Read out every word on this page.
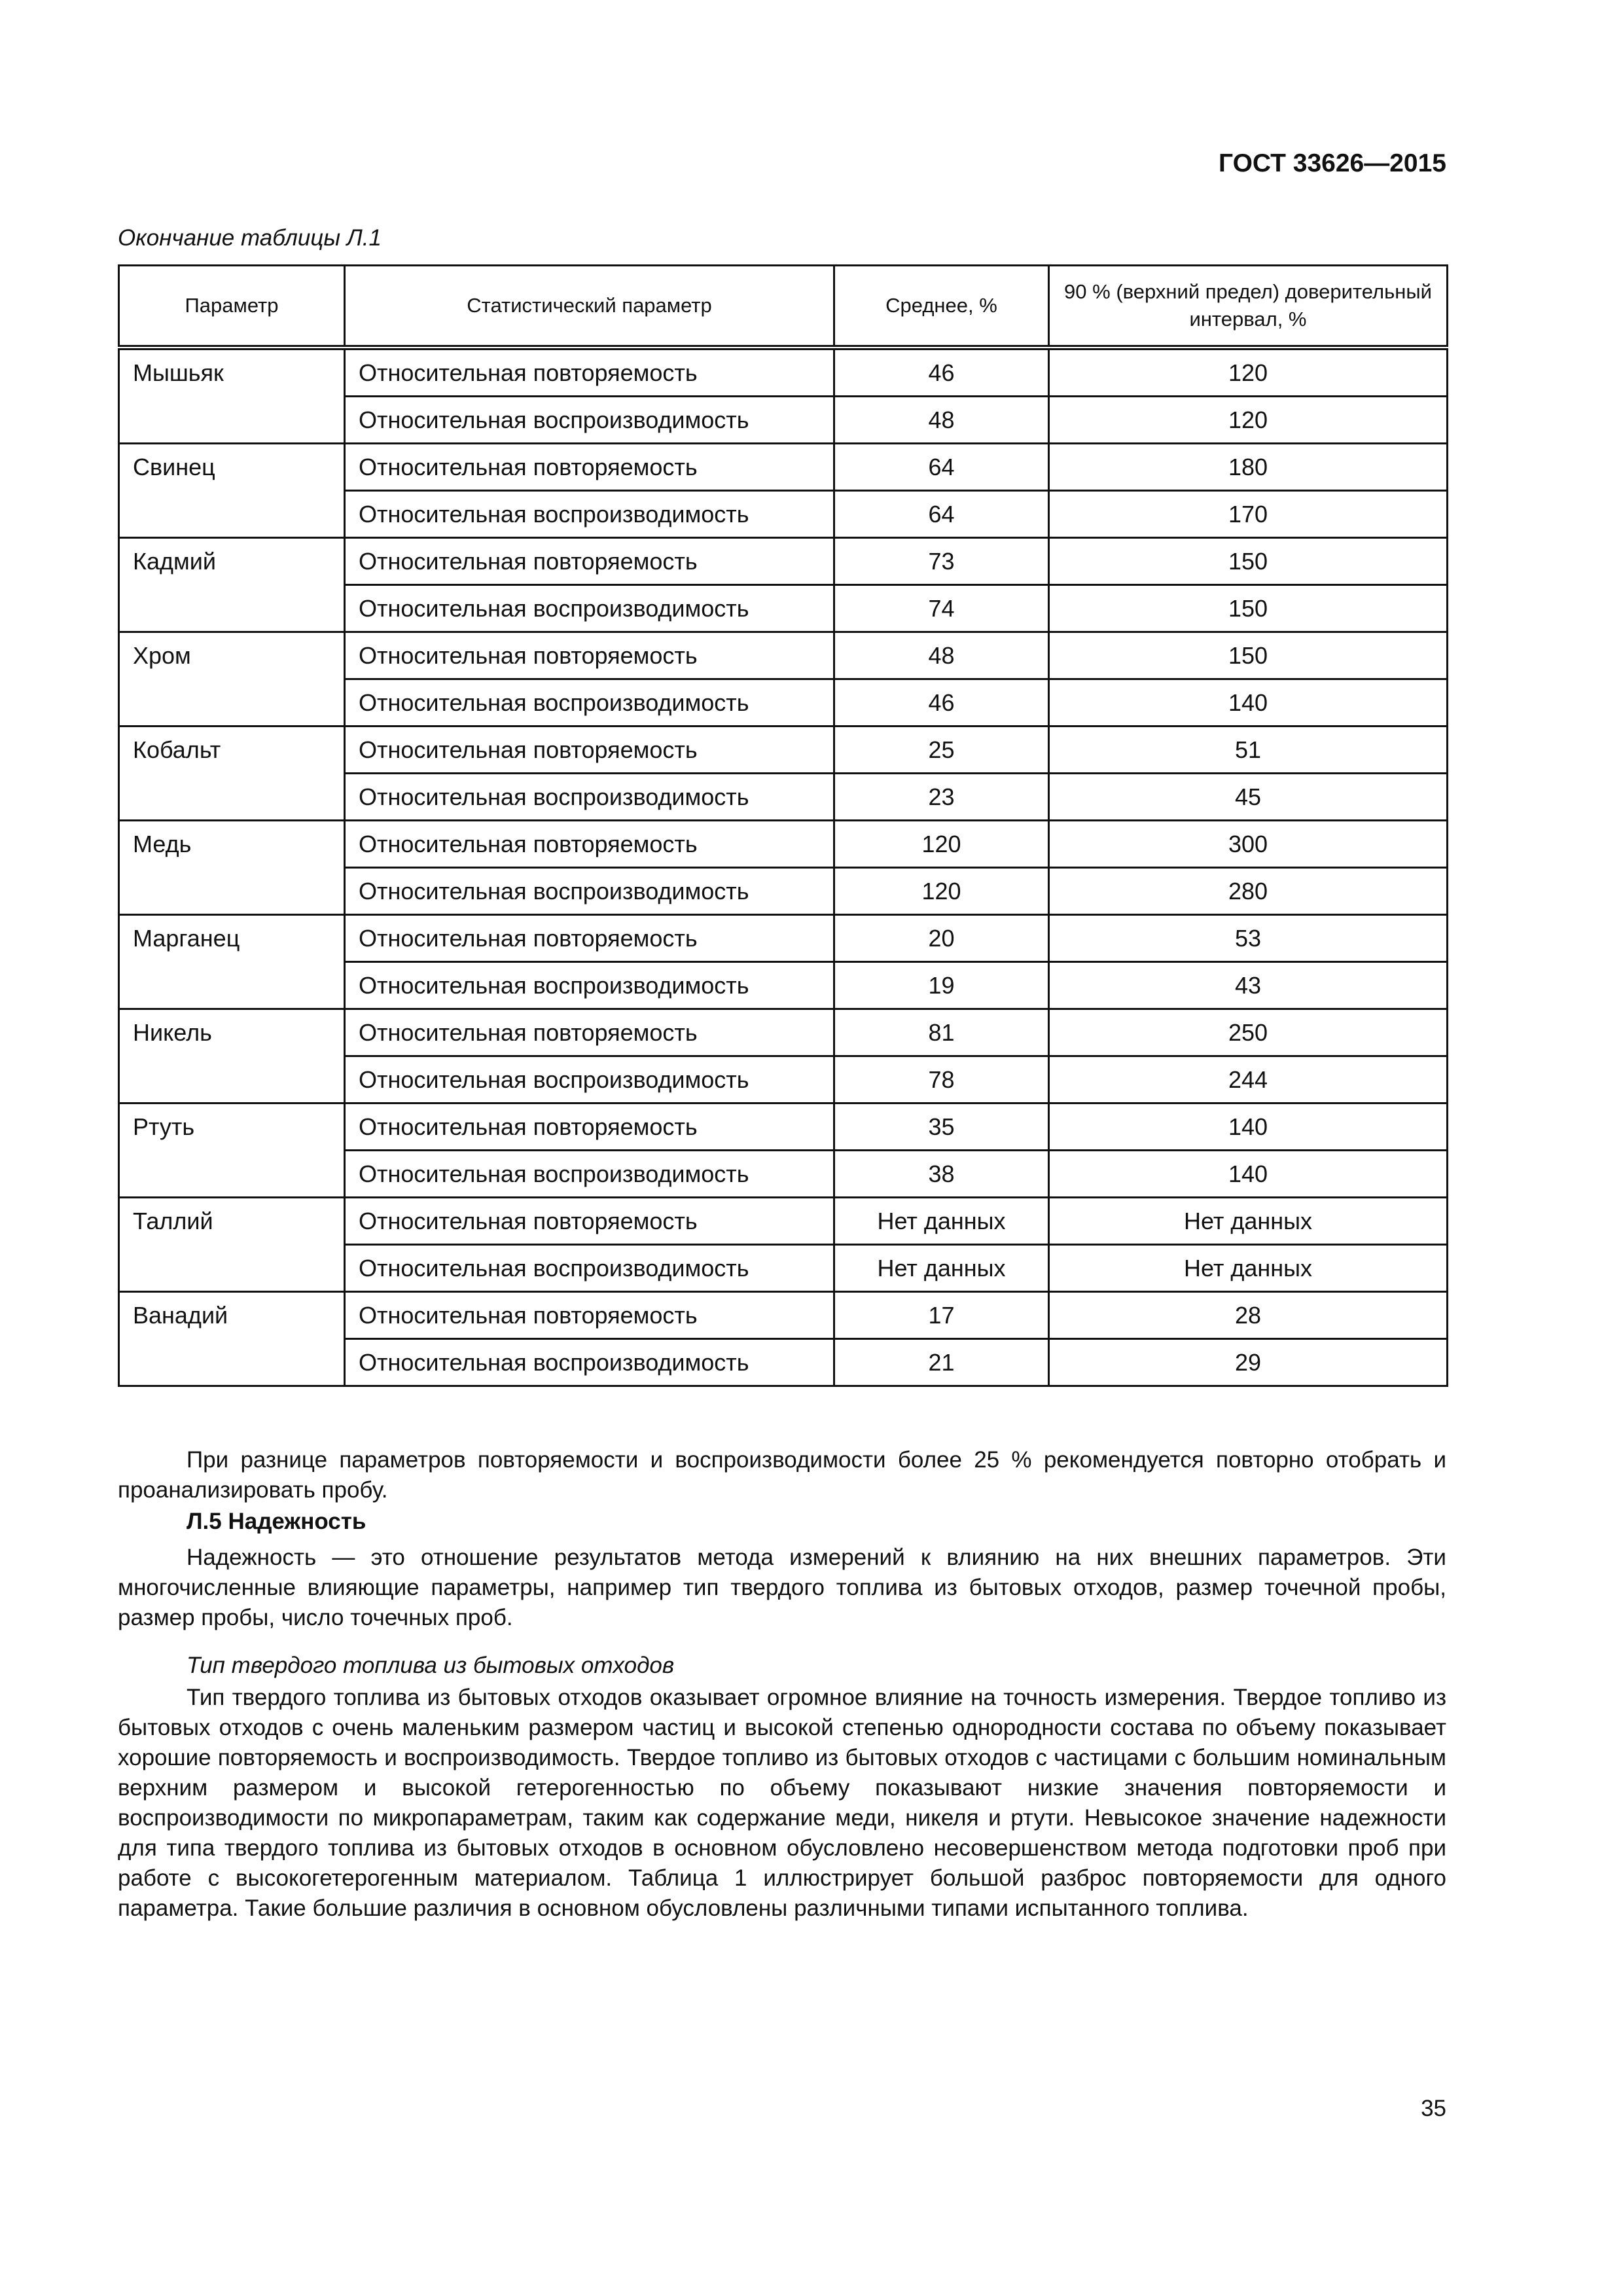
ГОСТ 33626—2015
Окончание таблицы Л.1
Параметр	Статистический параметр	Среднее, %	90 % (верхний предел) доверительный интервал, %
Мышьяк	Относительная повторяемость	46	120
	Относительная воспроизводимость	48	120
Свинец	Относительная повторяемость	64	180
	Относительная воспроизводимость	64	170
Кадмий	Относительная повторяемость	73	150
	Относительная воспроизводимость	74	150
Хром	Относительная повторяемость	48	150
	Относительная воспроизводимость	46	140
Кобальт	Относительная повторяемость	25	51
	Относительная воспроизводимость	23	45
Медь	Относительная повторяемость	120	300
	Относительная воспроизводимость	120	280
Марганец	Относительная повторяемость	20	53
	Относительная воспроизводимость	19	43
Никель	Относительная повторяемость	81	250
	Относительная воспроизводимость	78	244
Ртуть	Относительная повторяемость	35	140
	Относительная воспроизводимость	38	140
Таллий	Относительная повторяемость	Нет данных	Нет данных
	Относительная воспроизводимость	Нет данных	Нет данных
Ванадий	Относительная повторяемость	17	28
	Относительная воспроизводимость	21	29
При разнице параметров повторяемости и воспроизводимости более 25 % рекомендуется повторно отобрать и проанализировать пробу.
Л.5 Надежность
Надежность — это отношение результатов метода измерений к влиянию на них внешних параметров. Эти многочисленные влияющие параметры, например тип твердого топлива из бытовых отходов, размер точечной пробы, размер пробы, число точечных проб.
Тип твердого топлива из бытовых отходов
Тип твердого топлива из бытовых отходов оказывает огромное влияние на точность измерения. Твердое топливо из бытовых отходов с очень маленьким размером частиц и высокой степенью однородности состава по объему показывает хорошие повторяемость и воспроизводимость. Твердое топливо из бытовых отходов с частицами с большим номинальным верхним размером и высокой гетерогенностью по объему показывают низкие значения повторяемости и воспроизводимости по микропараметрам, таким как содержание меди, никеля и ртути. Невысокое значение надежности для типа твердого топлива из бытовых отходов в основном обусловлено несовершенством метода подготовки проб при работе с высокогетерогенным материалом. Таблица 1 иллюстрирует большой разброс повторяемости для одного параметра. Такие большие различия в основном обусловлены различными типами испытанного топлива.
35
